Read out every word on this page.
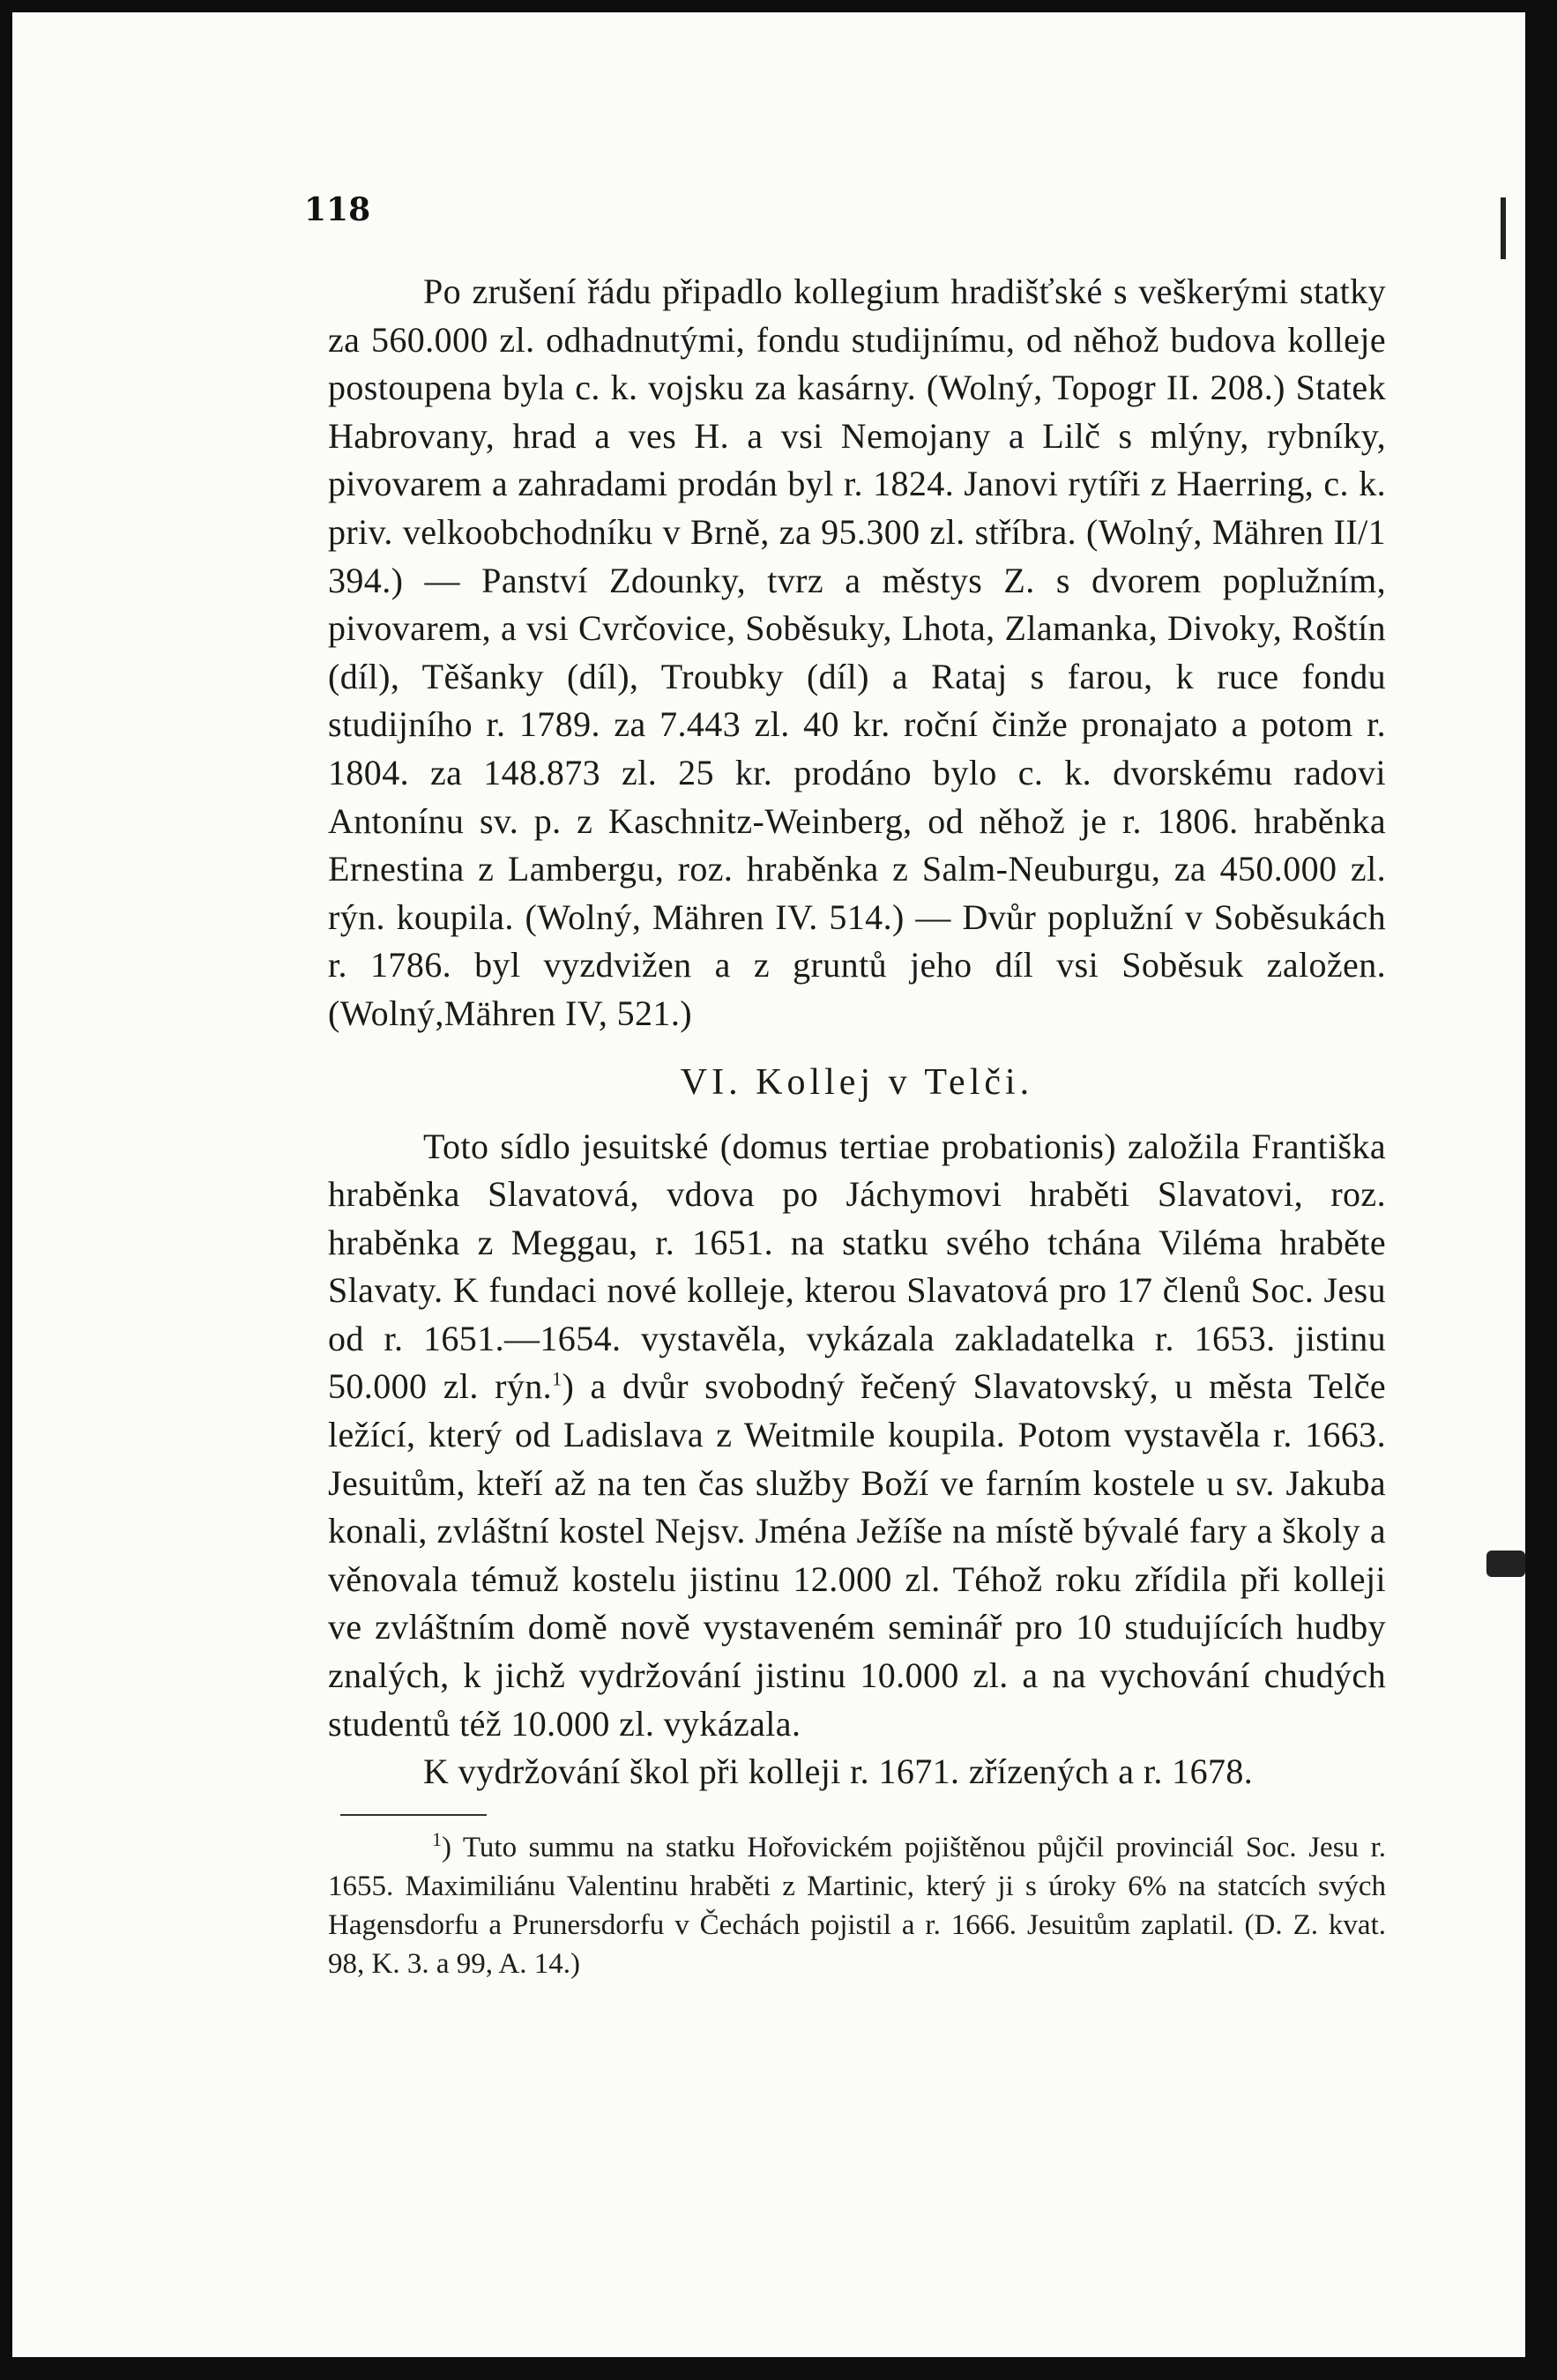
118

Po zrušení řádu připadlo kollegium hradišťské s veškerými statky za 560.000 zl. odhadnutými, fondu studijnímu, od něhož budova kolleje postoupena byla c. k. vojsku za kasárny. (Wolný, Topogr II. 208.) Statek Habrovany, hrad a ves H. a vsi Nemojany a Lilč s mlýny, rybníky, pivovarem a zahradami prodán byl r. 1824. Janovi rytíři z Haerring, c. k. priv. velkoobchodníku v Brně, za 95.300 zl. stříbra. (Wolný, Mähren II/1 394.) — Panství Zdounky, tvrz a městys Z. s dvorem poplužním, pivovarem, a vsi Cvrčovice, Soběsuky, Lhota, Zlamanka, Divoky, Roštín (díl), Těšanky (díl), Troubky (díl) a Rataj s farou, k ruce fondu studijního r. 1789. za 7.443 zl. 40 kr. roční činže pronajato a potom r. 1804. za 148.873 zl. 25 kr. prodáno bylo c. k. dvorskému radovi Antonínu sv. p. z Kaschnitz-Weinberg, od něhož je r. 1806. hraběnka Ernestina z Lambergu, roz. hraběnka z Salm-Neuburgu, za 450.000 zl. rýn. koupila. (Wolný, Mähren IV. 514.) — Dvůr poplužní v Soběsukách r. 1786. byl vyzdvižen a z gruntů jeho díl vsi Soběsuk založen. (Wolný,Mähren IV, 521.)

VI. Kollej v Telči.

Toto sídlo jesuitské (domus tertiae probationis) založila Františka hraběnka Slavatová, vdova po Jáchymovi hraběti Slavatovi, roz. hraběnka z Meggau, r. 1651. na statku svého tchána Viléma hraběte Slavaty. K fundaci nové kolleje, kterou Slavatová pro 17 členů Soc. Jesu od r. 1651.—1654. vystavěla, vykázala zakladatelka r. 1653. jistinu 50.000 zl. rýn.$^1$) a dvůr svobodný řečený Slavatovský, u města Telče ležící, který od Ladislava z Weitmile koupila. Potom vystavěla r. 1663. Jesuitům, kteří až na ten čas služby Boží ve farním kostele u sv. Jakuba konali, zvláštní kostel Nejsv. Jména Ježíše na místě bývalé fary a školy a věnovala témuž kostelu jistinu 12.000 zl. Téhož roku zřídila při kolleji ve zvláštním domě nově vystaveném seminář pro 10 studujících hudby znalých, k jichž vydržování jistinu 10.000 zl. a na vychování chudých studentů též 10.000 zl. vykázala.

K vydržování škol při kolleji r. 1671. zřízených a r. 1678.

$^1$) Tuto summu na statku Hořovickém pojištěnou půjčil provinciál Soc. Jesu r. 1655. Maximiliánu Valentinu hraběti z Martinic, který ji s úroky 6% na statcích svých Hagensdorfu a Prunersdorfu v Čechách pojistil a r. 1666. Jesuitům zaplatil. (D. Z. kvat. 98, K. 3. a 99, A. 14.)
